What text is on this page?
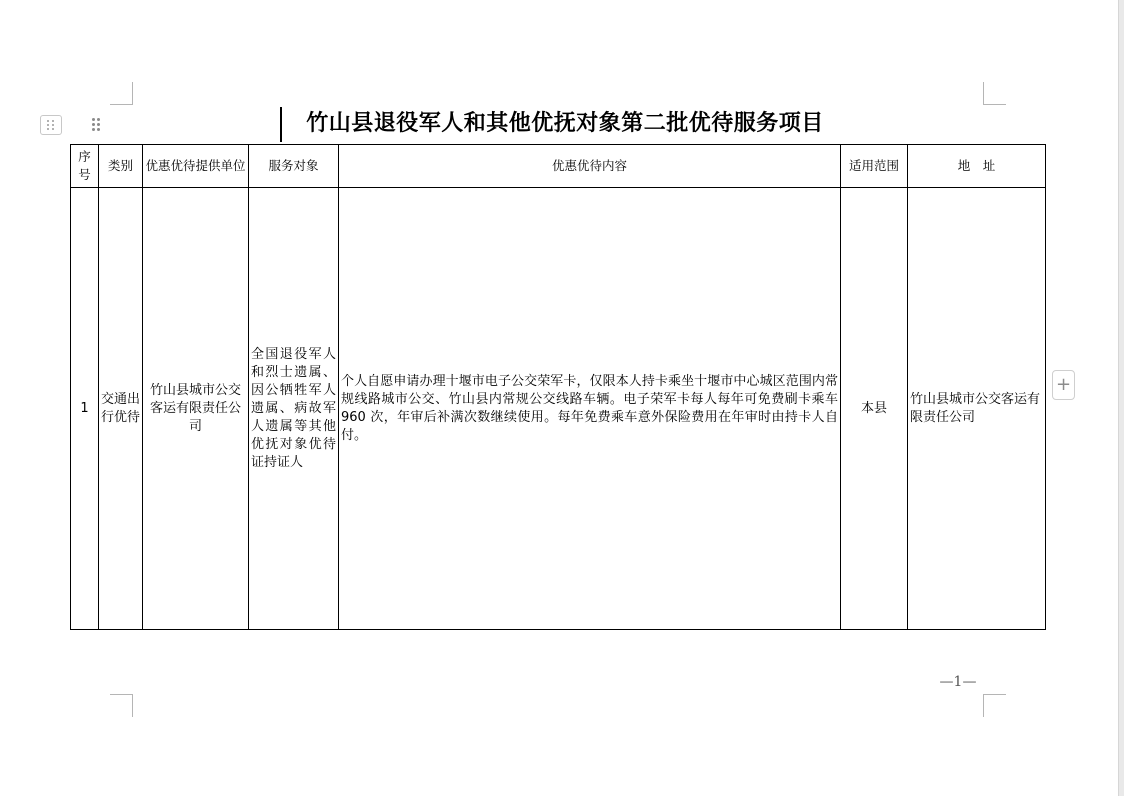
竹山县退役军人和其他优抚对象第二批优待服务项目
序号	类别	优惠优待提供单位	服务对象	优惠优待内容	适用范围	地　址
1	交通出行优待	竹山县城市公交客运有限责任公司	全国退役军人和烈士遗属、因公牺牲军人遗属、病故军人遗属等其他优抚对象优待证持证人	个人自愿申请办理十堰市电子公交荣军卡，仅限本人持卡乘坐十堰市中心城区范围内常规线路城市公交、竹山县内常规公交线路车辆。电子荣军卡每人每年可免费刷卡乘车 960 次，年审后补满次数继续使用。每年免费乘车意外保险费用在年审时由持卡人自付。	本县	竹山县城市公交客运有限责任公司
+
—1—
